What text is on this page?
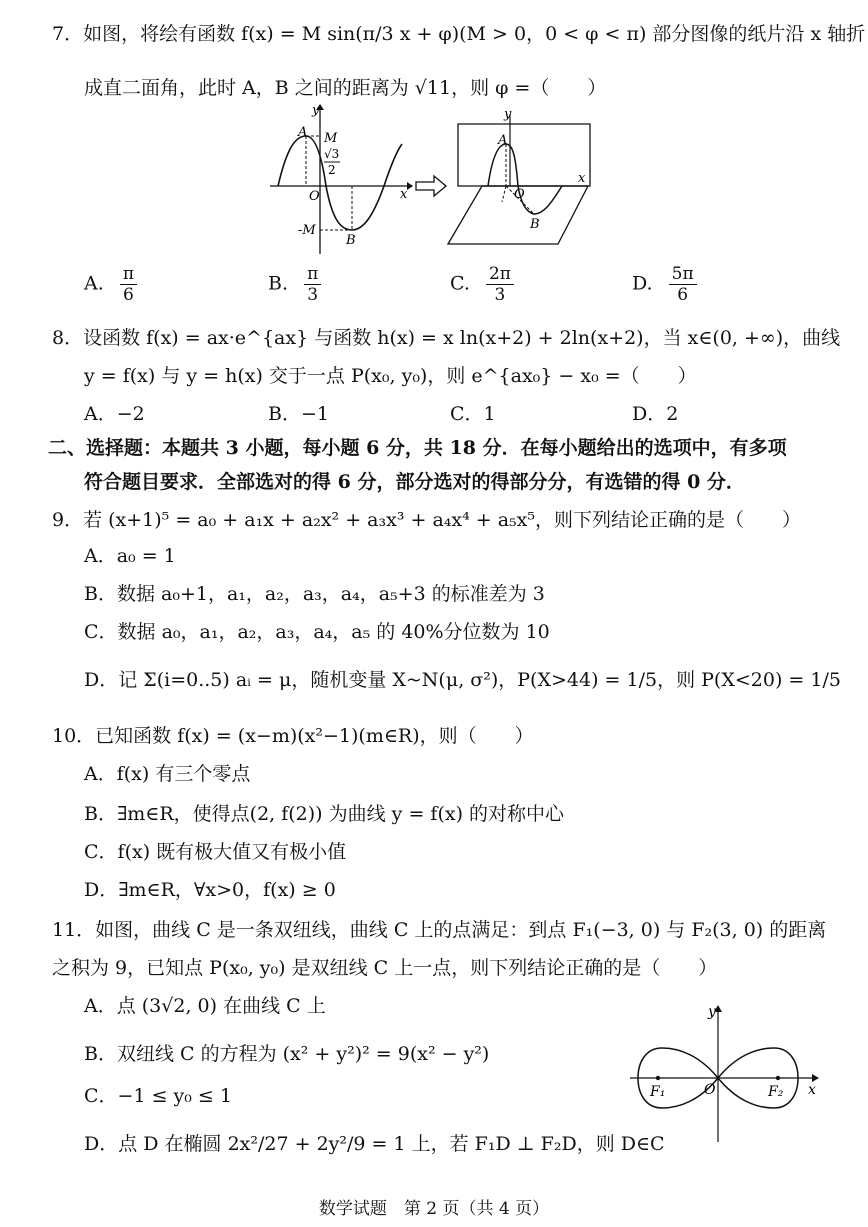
7．如图，将绘有函数 f(x) = M sin(π/3 x + φ)(M > 0，0 < φ < π) 部分图像的纸片沿 x 轴折
成直二面角，此时 A，B 之间的距离为 √11，则 φ =（　　）
A M
√3
2
O	x
y
-M
B
A
y
O
x
B
A. $\frac{\pi}{6}$	B. $\frac{\pi}{3}$	C. $\frac{2\pi}{3}$	D. $\frac{5\pi}{6}$
8．设函数 f(x) = ax·e^{ax} 与函数 h(x) = x ln(x+2) + 2ln(x+2)，当 x∈(0, +∞)，曲线
y = f(x) 与 y = h(x) 交于一点 P(x₀, y₀)，则 e^{ax₀} − x₀ =（　　）
A．−2	B．−1	C．1	D．2
二、选择题：本题共 3 小题，每小题 6 分，共 18 分．在每小题给出的选项中，有多项
符合题目要求．全部选对的得 6 分，部分选对的得部分分，有选错的得 0 分．
9．若 (x+1)⁵ = a₀ + a₁x + a₂x² + a₃x³ + a₄x⁴ + a₅x⁵，则下列结论正确的是（　　）
A．a₀ = 1
B．数据 a₀+1，a₁，a₂，a₃，a₄，a₅+3 的标准差为 3
C．数据 a₀，a₁，a₂，a₃，a₄，a₅ 的 40%分位数为 10
D．记 Σ(i=0..5) aᵢ = μ，随机变量 X~N(μ, σ²)，P(X>44) = 1/5，则 P(X<20) = 1/5
10．已知函数 f(x) = (x−m)(x²−1)(m∈R)，则（　　）
A．f(x) 有三个零点
B．∃m∈R，使得点(2, f(2)) 为曲线 y = f(x) 的对称中心
C．f(x) 既有极大值又有极小值
D．∃m∈R，∀x>0，f(x) ≥ 0
11．如图，曲线 C 是一条双纽线，曲线 C 上的点满足：到点 F₁(−3, 0) 与 F₂(3, 0) 的距离
之积为 9，已知点 P(x₀, y₀) 是双纽线 C 上一点，则下列结论正确的是（　　）
A．点 (3√2, 0) 在曲线 C 上
B．双纽线 C 的方程为 (x² + y²)² = 9(x² − y²)
C．−1 ≤ y₀ ≤ 1
D．点 D 在椭圆 2x²/27 + 2y²/9 = 1 上，若 F₁D ⊥ F₂D，则 D∈C
y
x
F₁	O	F₂
数学试题　第 2 页（共 4 页）
